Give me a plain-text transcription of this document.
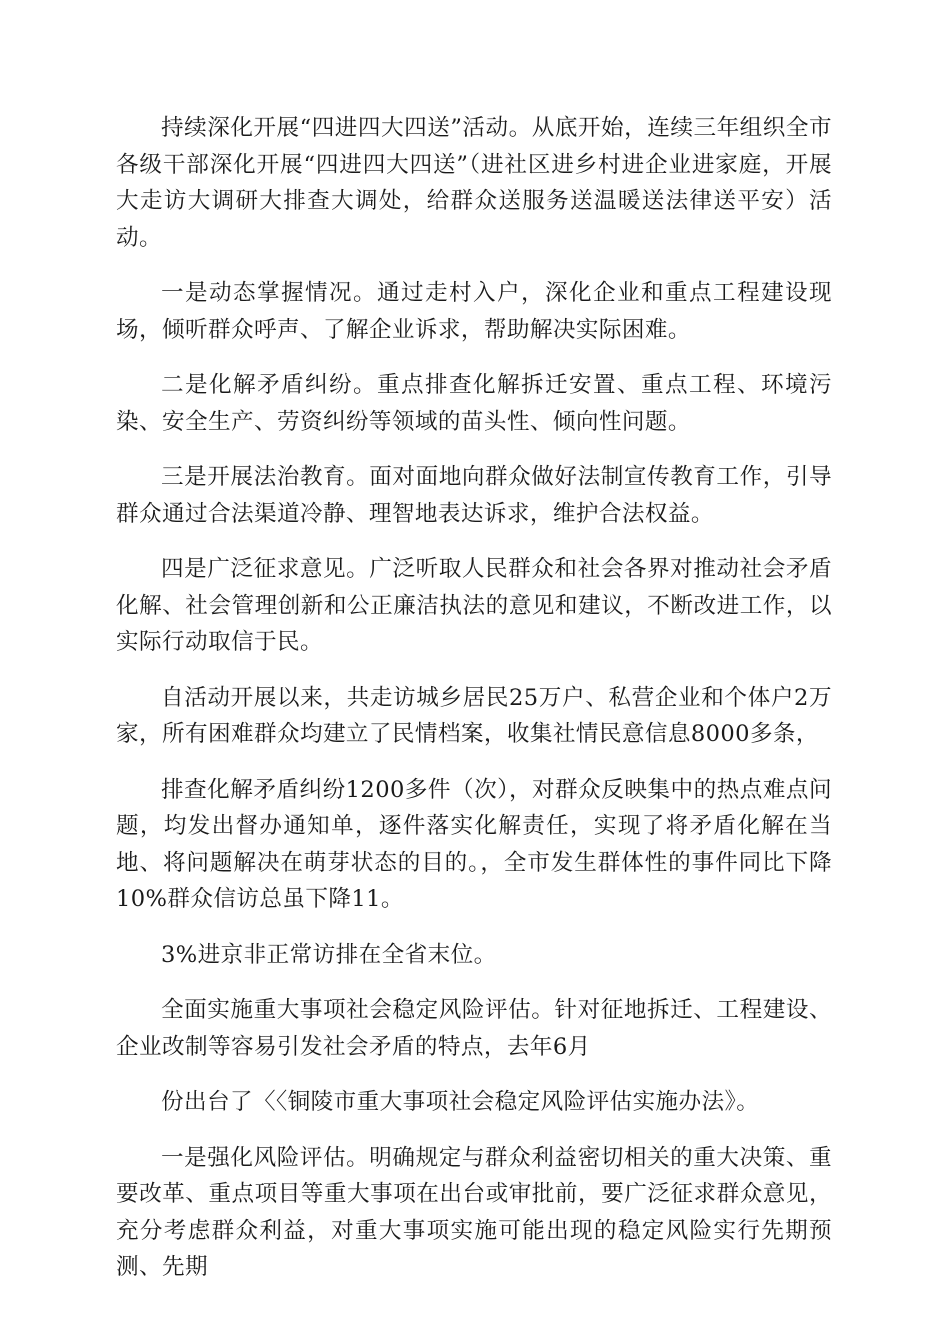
持续深化开展“四进四大四送”活动。从底开始，连续三年组织全市各级干部深化开展“四进四大四送”（进社区进乡村进企业进家庭，开展大走访大调研大排查大调处，给群众送服务送温暖送法律送平安）活动。

一是动态掌握情况。通过走村入户，深化企业和重点工程建设现场，倾听群众呼声、了解企业诉求，帮助解决实际困难。

二是化解矛盾纠纷。重点排查化解拆迁安置、重点工程、环境污染、安全生产、劳资纠纷等领域的苗头性、倾向性问题。

三是开展法治教育。面对面地向群众做好法制宣传教育工作，引导群众通过合法渠道冷静、理智地表达诉求，维护合法权益。

四是广泛征求意见。广泛听取人民群众和社会各界对推动社会矛盾化解、社会管理创新和公正廉洁执法的意见和建议，不断改进工作，以实际行动取信于民。

自活动开展以来，共走访城乡居民25万户、私营企业和个体户2万家，所有困难群众均建立了民情档案，收集社情民意信息8000多条，

排查化解矛盾纠纷1200多件（次），对群众反映集中的热点难点问题，均发出督办通知单，逐件落实化解责任，实现了将矛盾化解在当地、将问题解决在萌芽状态的目的。，全市发生群体性的事件同比下降10%群众信访总虽下降11。

3%进京非正常访排在全省末位。

全面实施重大事项社会稳定风险评估。针对征地拆迁、工程建设、企业改制等容易引发社会矛盾的特点，去年6月

份出台了〈〈铜陵市重大事项社会稳定风险评估实施办法》。

一是强化风险评估。明确规定与群众利益密切相关的重大决策、重要改革、重点项目等重大事项在出台或审批前，要广泛征求群众意见，充分考虑群众利益，对重大事项实施可能出现的稳定风险实行先期预测、先期
